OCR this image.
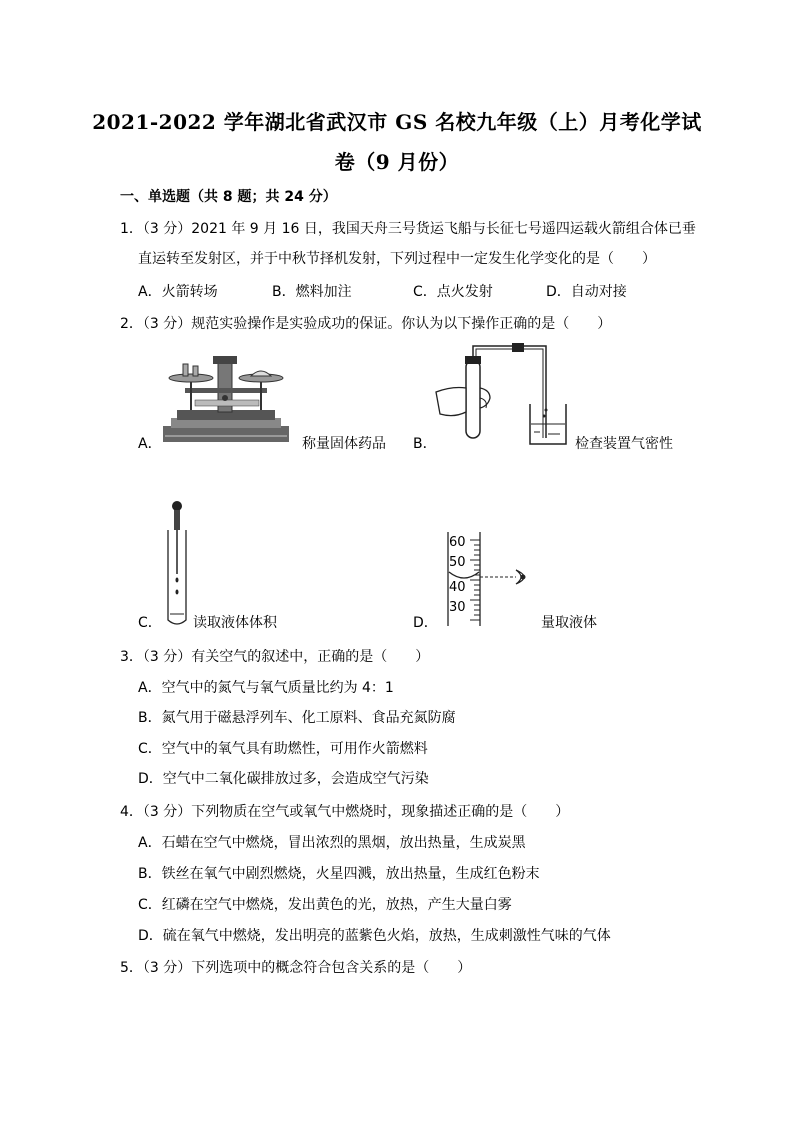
2021-2022 学年湖北省武汉市 GS 名校九年级（上）月考化学试
卷（9 月份）
一、单选题（共 8 题；共 24 分）
1．（3 分）2021 年 9 月 16 日，我国天舟三号货运飞船与长征七号遥四运载火箭组合体已垂
直运转至发射区，并于中秋节择机发射，下列过程中一定发生化学变化的是（　　）
A．火箭转场	B．燃料加注	C．点火发射	D．自动对接
2．（3 分）规范实验操作是实验成功的保证。你认为以下操作正确的是（　　）
A．	称量固体药品 B．	检查装置气密性
C． 读取液体体积	D．
60
50
40
30
量取液体
3．（3 分）有关空气的叙述中，正确的是（　　）
A．空气中的氮气与氧气质量比约为 4：1
B．氮气用于磁悬浮列车、化工原料、食品充氮防腐
C．空气中的氧气具有助燃性，可用作火箭燃料
D．空气中二氧化碳排放过多，会造成空气污染
4．（3 分）下列物质在空气或氧气中燃烧时，现象描述正确的是（　　）
A．石蜡在空气中燃烧，冒出浓烈的黑烟，放出热量，生成炭黑
B．铁丝在氧气中剧烈燃烧，火星四溅，放出热量，生成红色粉末
C．红磷在空气中燃烧，发出黄色的光，放热，产生大量白雾
D．硫在氧气中燃烧，发出明亮的蓝紫色火焰，放热，生成刺激性气味的气体
5．（3 分）下列选项中的概念符合包含关系的是（　　）
